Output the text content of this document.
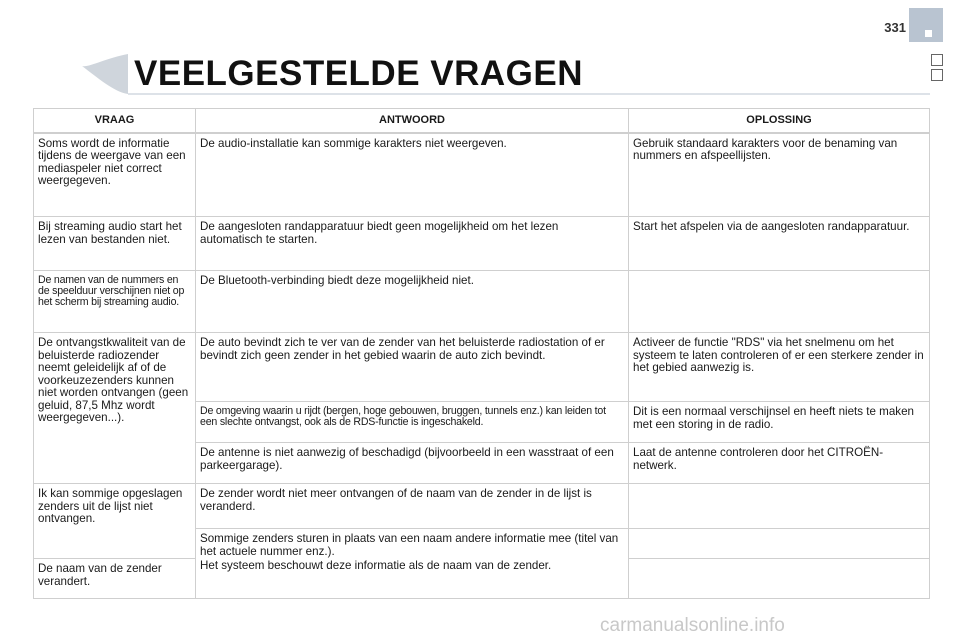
331
VEELGESTELDE VRAGEN
VRAAG	ANTWOORD	OPLOSSING
Soms wordt de informatie tijdens de weergave van een mediaspeler niet correct weergegeven.	De audio-installatie kan sommige karakters niet weergeven.	Gebruik standaard karakters voor de benaming van nummers en afspeellijsten.
Bij streaming audio start het lezen van bestanden niet.	De aangesloten randapparatuur biedt geen mogelijkheid om het lezen automatisch te starten.	Start het afspelen via de aangesloten randapparatuur.
De namen van de nummers en de speelduur verschijnen niet op het scherm bij streaming audio.	De Bluetooth-verbinding biedt deze mogelijkheid niet.	
De ontvangstkwaliteit van de beluisterde radiozender neemt geleidelijk af of de voorkeuzezenders kunnen niet worden ontvangen (geen geluid, 87,5 Mhz wordt weergegeven...).	De auto bevindt zich te ver van de zender van het beluisterde radiostation of er bevindt zich geen zender in het gebied waarin de auto zich bevindt.	Activeer de functie "RDS" via het snelmenu om het systeem te laten controleren of er een sterkere zender in het gebied aanwezig is.
	De omgeving waarin u rijdt (bergen, hoge gebouwen, bruggen, tunnels enz.) kan leiden tot een slechte ontvangst, ook als de RDS-functie is ingeschakeld.	Dit is een normaal verschijnsel en heeft niets te maken met een storing in de radio.
	De antenne is niet aanwezig of beschadigd (bijvoorbeeld in een wasstraat of een parkeergarage).	Laat de antenne controleren door het CITROËN-netwerk.
Ik kan sommige opgeslagen zenders uit de lijst niet ontvangen.	De zender wordt niet meer ontvangen of de naam van de zender in de lijst is veranderd.	
	Sommige zenders sturen in plaats van een naam andere informatie mee (titel van het actuele nummer enz.).	
De naam van de zender verandert.	Het systeem beschouwt deze informatie als de naam van de zender.	
carmanualsonline.info
